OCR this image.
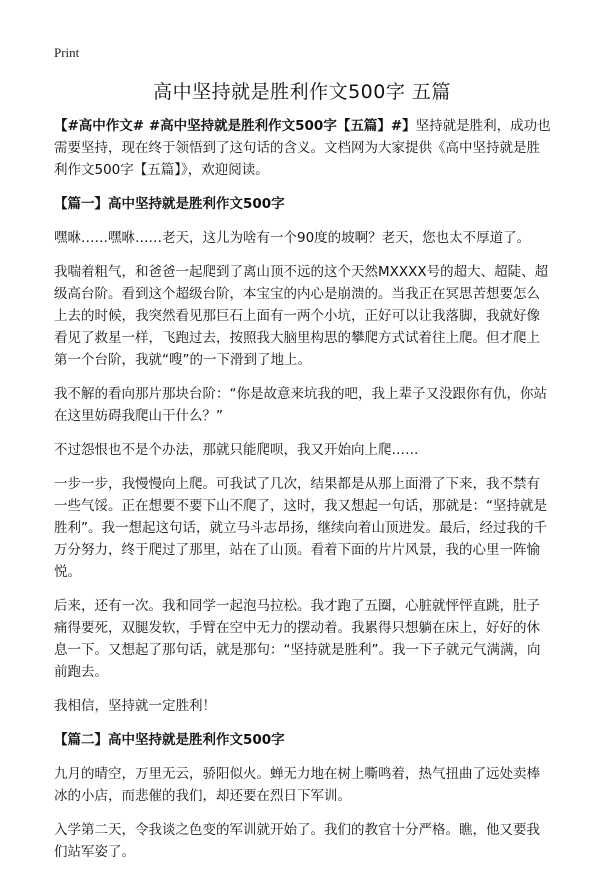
Print
高中坚持就是胜利作文500字 五篇

【#高中作文# #高中坚持就是胜利作文500字【五篇】#】坚持就是胜利，成功也需要坚持，现在终于领悟到了这句话的含义。文档网为大家提供《高中坚持就是胜利作文500字【五篇】》，欢迎阅读。

【篇一】高中坚持就是胜利作文500字

嘿咻……嘿咻……老天，这儿为啥有一个90度的坡啊？老天，您也太不厚道了。

我喘着粗气，和爸爸一起爬到了离山顶不远的这个天然MXXXX号的超大、超陡、超级高台阶。看到这个超级台阶，本宝宝的内心是崩溃的。当我正在冥思苦想要怎么上去的时候，我突然看见那巨石上面有一两个小坑，正好可以让我落脚，我就好像看见了救星一样，飞跑过去，按照我大脑里构思的攀爬方式试着往上爬。但才爬上第一个台阶，我就“嗖”的一下滑到了地上。

我不解的看向那片那块台阶：“你是故意来坑我的吧，我上辈子又没跟你有仇，你站在这里妨碍我爬山干什么？”

不过怨恨也不是个办法，那就只能爬呗，我又开始向上爬……

一步一步，我慢慢向上爬。可我试了几次，结果都是从那上面滑了下来，我不禁有一些气馁。正在想要不要下山不爬了，这时，我又想起一句话，那就是：“坚持就是胜利”。我一想起这句话，就立马斗志昂扬，继续向着山顶进发。最后，经过我的千万分努力，终于爬过了那里，站在了山顶。看着下面的片片风景，我的心里一阵愉悦。

后来，还有一次。我和同学一起泡马拉松。我才跑了五圈，心脏就怦怦直跳，肚子痛得要死，双腿发软，手臂在空中无力的摆动着。我累得只想躺在床上，好好的休息一下。又想起了那句话，就是那句：“坚持就是胜利”。我一下子就元气满满，向前跑去。

我相信，坚持就一定胜利！

【篇二】高中坚持就是胜利作文500字

九月的晴空，万里无云，骄阳似火。蝉无力地在树上嘶鸣着，热气扭曲了远处卖棒冰的小店，而悲催的我们，却还要在烈日下军训。

入学第二天，令我谈之色变的军训就开始了。我们的教官十分严格。瞧，他又要我们站军姿了。
